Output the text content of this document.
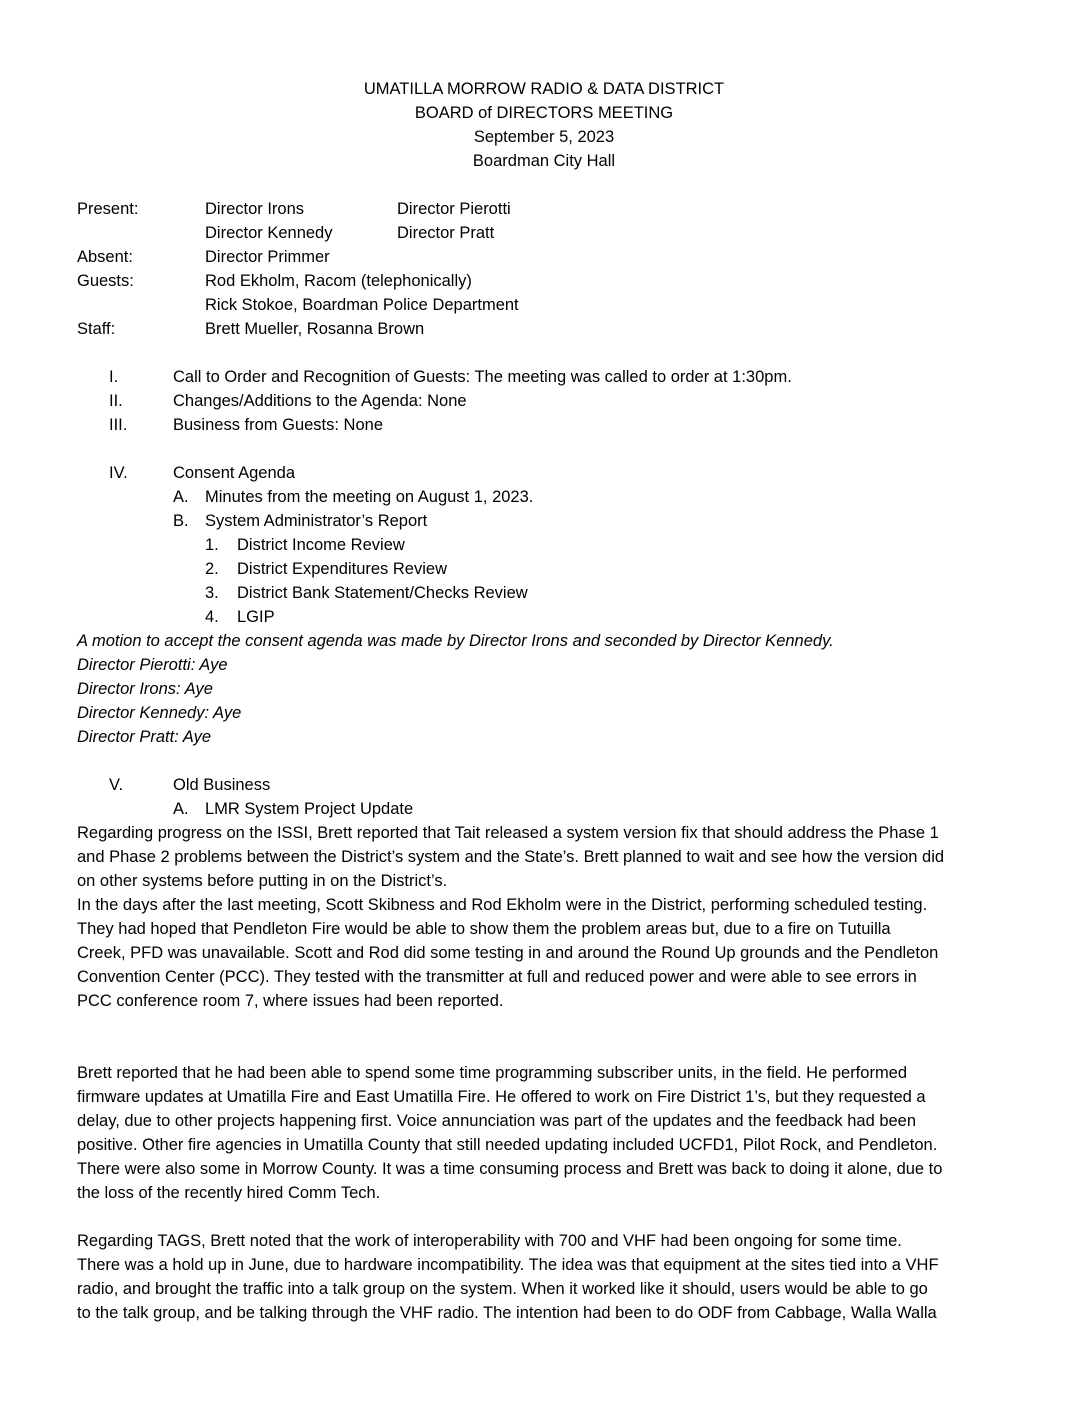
UMATILLA MORROW RADIO & DATA DISTRICT
BOARD of DIRECTORS MEETING
September 5, 2023
Boardman City Hall
Present:	Director Irons	Director Pierotti
Director Kennedy	Director Pratt
Absent:	Director Primmer
Guests:	Rod Ekholm, Racom (telephonically)
Rick Stokoe, Boardman Police Department
Staff:	Brett Mueller, Rosanna Brown
I.	Call to Order and Recognition of Guests: The meeting was called to order at 1:30pm.
II.	Changes/Additions to the Agenda: None
III.	Business from Guests: None
IV.	Consent Agenda
A. Minutes from the meeting on August 1, 2023.
B. System Administrator’s Report
1. District Income Review
2. District Expenditures Review
3. District Bank Statement/Checks Review
4. LGIP
A motion to accept the consent agenda was made by Director Irons and seconded by Director Kennedy.
Director Pierotti: Aye
Director Irons: Aye
Director Kennedy: Aye
Director Pratt: Aye
V.	Old Business
A. LMR System Project Update
Regarding progress on the ISSI, Brett reported that Tait released a system version fix that should address the Phase 1
and Phase 2 problems between the District’s system and the State’s. Brett planned to wait and see how the version did
on other systems before putting in on the District’s.
In the days after the last meeting, Scott Skibness and Rod Ekholm were in the District, performing scheduled testing.
They had hoped that Pendleton Fire would be able to show them the problem areas but, due to a fire on Tutuilla
Creek, PFD was unavailable. Scott and Rod did some testing in and around the Round Up grounds and the Pendleton
Convention Center (PCC). They tested with the transmitter at full and reduced power and were able to see errors in
PCC conference room 7, where issues had been reported.
Brett reported that he had been able to spend some time programming subscriber units, in the field. He performed
firmware updates at Umatilla Fire and East Umatilla Fire. He offered to work on Fire District 1’s, but they requested a
delay, due to other projects happening first. Voice annunciation was part of the updates and the feedback had been
positive. Other fire agencies in Umatilla County that still needed updating included UCFD1, Pilot Rock, and Pendleton.
There were also some in Morrow County. It was a time consuming process and Brett was back to doing it alone, due to
the loss of the recently hired Comm Tech.
Regarding TAGS, Brett noted that the work of interoperability with 700 and VHF had been ongoing for some time.
There was a hold up in June, due to hardware incompatibility. The idea was that equipment at the sites tied into a VHF
radio, and brought the traffic into a talk group on the system. When it worked like it should, users would be able to go
to the talk group, and be talking through the VHF radio. The intention had been to do ODF from Cabbage, Walla Walla
